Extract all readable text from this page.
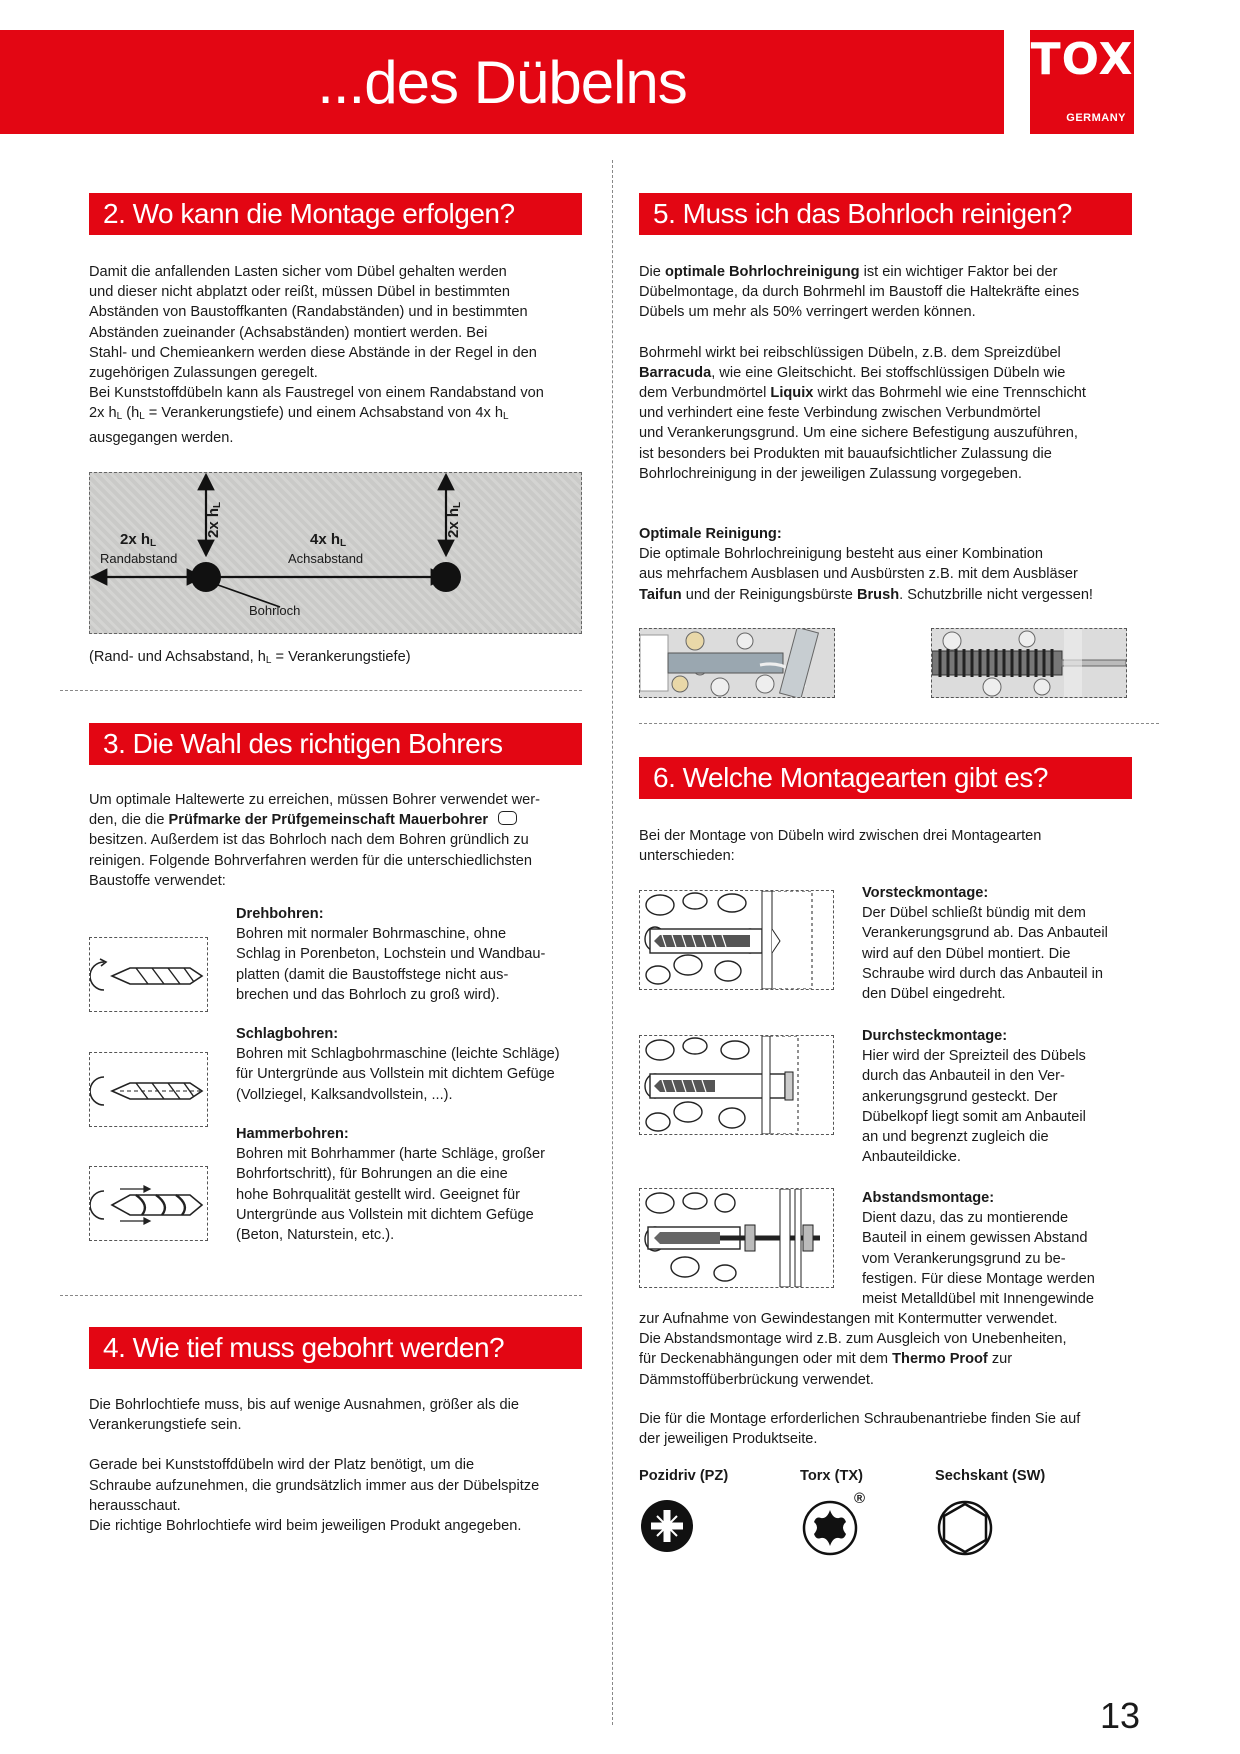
...des Dübelns	TOX
GERMANY
2. Wo kann die Montage erfolgen?

Damit die anfallenden Lasten sicher vom Dübel gehalten werden

und dieser nicht abplatzt oder reißt, müssen Dübel in bestimmten

Abständen von Baustoffkanten (Randabständen) und in bestimmten

Abständen zueinander (Achsabständen) montiert werden. Bei

Stahl- und Chemieankern werden diese Abstände in der Regel in den

zugehörigen Zulassungen geregelt.

Bei Kunststoffdübeln kann als Faustregel von einem Randabstand von

2x hL (hL = Verankerungstiefe) und einem Achsabstand von 4x hL

ausgegangen werden.

2x hL
Randabstand
4x hL
Achsabstand
Bohrloch
2x hL
2x hL
(Rand- und Achsabstand, hL = Verankerungstiefe)
3. Die Wahl des richtigen Bohrers

Um optimale Haltewerte zu erreichen, müssen Bohrer verwendet wer-

den, die die Prüfmarke der Prüfgemeinschaft Mauerbohrer

besitzen. Außerdem ist das Bohrloch nach dem Bohren gründlich zu

reinigen. Folgende Bohrverfahren werden für die unterschiedlichsten

Baustoffe verwendet:

Drehbohren:

Bohren mit normaler Bohrmaschine, ohne

Schlag in Porenbeton, Lochstein und Wandbau-

platten (damit die Baustoffstege nicht aus-

brechen und das Bohrloch zu groß wird).

Schlagbohren:

Bohren mit Schlagbohrmaschine (leichte Schläge)

für Untergründe aus Vollstein mit dichtem Gefüge

(Vollziegel, Kalksandvollstein, ...).

Hammerbohren:

Bohren mit Bohrhammer (harte Schläge, großer

Bohrfortschritt), für Bohrungen an die eine

hohe Bohrqualität gestellt wird. Geeignet für

Untergründe aus Vollstein mit dichtem Gefüge

(Beton, Naturstein, etc.).

4. Wie tief muss gebohrt werden?

Die Bohrlochtiefe muss, bis auf wenige Ausnahmen, größer als die

Verankerungstiefe sein.

Gerade bei Kunststoffdübeln wird der Platz benötigt, um die

Schraube aufzunehmen, die grundsätzlich immer aus der Dübelspitze

herausschaut.

Die richtige Bohrlochtiefe wird beim jeweiligen Produkt angegeben.

5. Muss ich das Bohrloch reinigen?

Die optimale Bohrlochreinigung ist ein wichtiger Faktor bei der

Dübelmontage, da durch Bohrmehl im Baustoff die Haltekräfte eines

Dübels um mehr als 50% verringert werden können.

Bohrmehl wirkt bei reibschlüssigen Dübeln, z.B. dem Spreizdübel

Barracuda, wie eine Gleitschicht. Bei stoffschlüssigen Dübeln wie

dem Verbundmörtel Liquix wirkt das Bohrmehl wie eine Trennschicht

und verhindert eine feste Verbindung zwischen Verbundmörtel

und Verankerungsgrund. Um eine sichere Befestigung auszuführen,

ist besonders bei Produkten mit bauaufsichtlicher Zulassung die

Bohrlochreinigung in der jeweiligen Zulassung vorgegeben.

Optimale Reinigung:

Die optimale Bohrlochreinigung besteht aus einer Kombination

aus mehrfachem Ausblasen und Ausbürsten z.B. mit dem Ausbläser

Taifun und der Reinigungsbürste Brush. Schutzbrille nicht vergessen!

6. Welche Montagearten gibt es?

Bei der Montage von Dübeln wird zwischen drei Montagearten

unterschieden:

Vorsteckmontage:

Der Dübel schließt bündig mit dem

Verankerungsgrund ab. Das Anbauteil

wird auf den Dübel montiert. Die

Schraube wird durch das Anbauteil in

den Dübel eingedreht.

Durchsteckmontage:

Hier wird der Spreizteil des Dübels

durch das Anbauteil in den Ver-

ankerungsgrund gesteckt. Der

Dübelkopf liegt somit am Anbauteil

an und begrenzt zugleich die

Anbauteildicke.

Abstandsmontage:

Dient dazu, das zu montierende

Bauteil in einem gewissen Abstand

vom Verankerungsgrund zu be-

festigen. Für diese Montage werden

meist Metalldübel mit Innengewinde

zur Aufnahme von Gewindestangen mit Kontermutter verwendet.

Die Abstandsmontage wird z.B. zum Ausgleich von Unebenheiten,

für Deckenabhängungen oder mit dem Thermo Proof zur

Dämmstoffüberbrückung verwendet.

Die für die Montage erforderlichen Schraubenantriebe finden Sie auf

der jeweiligen Produktseite.

Pozidriv (PZ)	Torx (TX)	Sechskant (SW)
®
13
